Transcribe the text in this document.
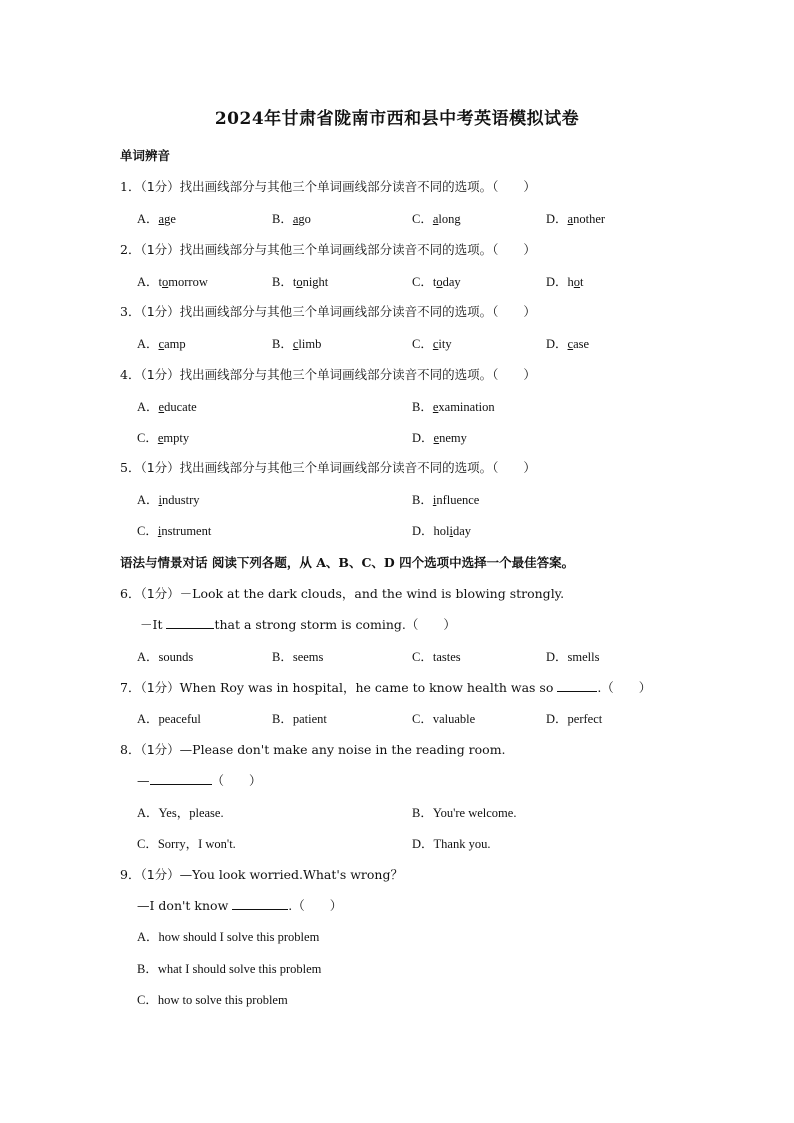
2024年甘肃省陇南市西和县中考英语模拟试卷
单词辨音
1．（1分）找出画线部分与其他三个单词画线部分读音不同的选项。（　　）
A．age	B．ago	C．along	D．another
2．（1分）找出画线部分与其他三个单词画线部分读音不同的选项。（　　）
A．tomorrow	B．tonight	C．today	D．hot
3．（1分）找出画线部分与其他三个单词画线部分读音不同的选项。（　　）
A．camp	B．climb	C．city	D．case
4．（1分）找出画线部分与其他三个单词画线部分读音不同的选项。（　　）
A．educate	B．examination
C．empty	D．enemy
5．（1分）找出画线部分与其他三个单词画线部分读音不同的选项。（　　）
A．industry	B．influence
C．instrument	D．holiday
语法与情景对话 阅读下列各题，从 A、B、C、D 四个选项中选择一个最佳答案。
6．（1分）－Look at the dark clouds，and the wind is blowing strongly.
－It	that a strong storm is coming.（　　）
A．sounds	B．seems	C．tastes	D．smells
7．（1分）When Roy was in hospital，he came to know health was so	.（　　）
A．peaceful	B．patient	C．valuable	D．perfect
8．（1分）—Please don't make any noise in the reading room.
—	（　　）
A．Yes，please.	B．You're welcome.
C．Sorry，I won't.	D．Thank you.
9．（1分）—You look worried.What's wrong？
—I don't know	.（　　）
A．how should I solve this problem
B．what I should solve this problem
C．how to solve this problem
